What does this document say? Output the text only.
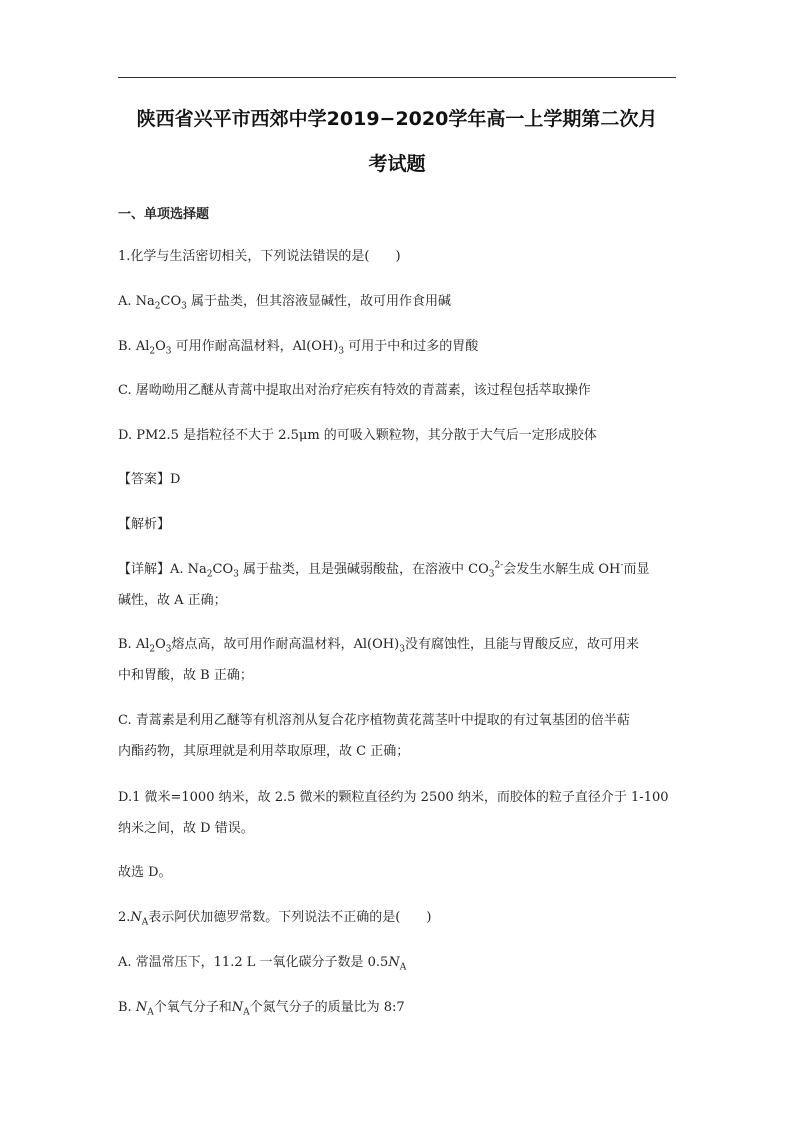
陕西省兴平市西郊中学2019−2020学年高一上学期第二次月
考试题
一、单项选择题
1.化学与生活密切相关，下列说法错误的是(　　)
A. $Na_2CO_3$ 属于盐类，但其溶液显碱性，故可用作食用碱
B. $Al_2O_3$ 可用作耐高温材料，$Al(OH)_3$ 可用于中和过多的胃酸
C. 屠呦呦用乙醚从青蒿中提取出对治疗疟疾有特效的青蒿素，该过程包括萃取操作
D. PM2.5 是指粒径不大于 2.5μm 的可吸入颗粒物，其分散于大气后一定形成胶体
【答案】D
【解析】
【详解】A. $Na_2CO_3$ 属于盐类，且是强碱弱酸盐，在溶液中 $CO_3^{2-}$会发生水解生成 OH-而显
碱性，故 A 正确；
B. $Al_2O_3$熔点高，故可用作耐高温材料，$Al(OH)_3$没有腐蚀性，且能与胃酸反应，故可用来
中和胃酸，故 B 正确；
C. 青蒿素是利用乙醚等有机溶剂从复合花序植物黄花蒿茎叶中提取的有过氧基团的倍半萜
内酯药物，其原理就是利用萃取原理，故 C 正确；
D.1 微米=1000 纳米，故 2.5 微米的颗粒直径约为 2500 纳米，而胶体的粒子直径介于 1-100
纳米之间，故 D 错误。
故选 D。
$2.N_A$表示阿伏加德罗常数。下列说法不正确的是(　　)
A. 常温常压下，11.2 L 一氧化碳分子数是 $0.5N_A$
B. $N_A$个氧气分子和$N_A$个氮气分子的质量比为 8:7
